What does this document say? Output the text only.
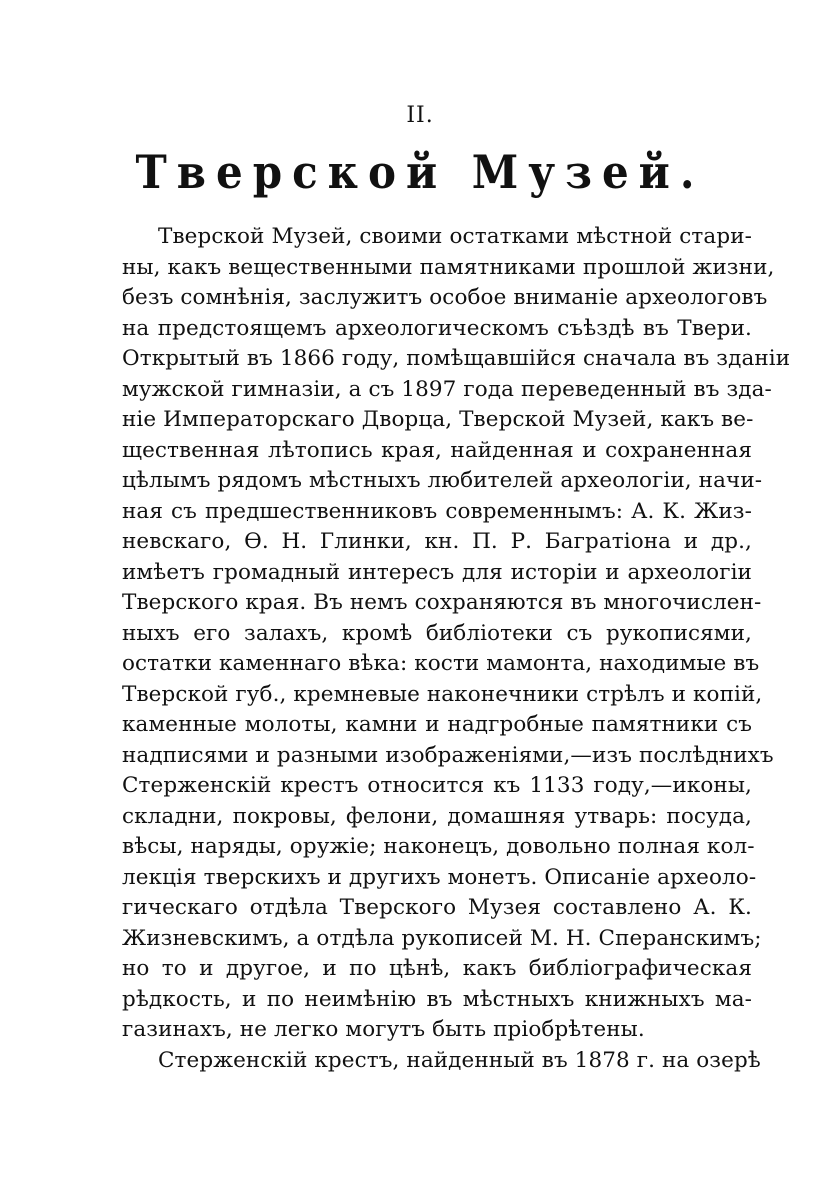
II.
Тверской Музей.
Тверской Музей, своими остатками мѣстной стари-
ны, какъ вещественными памятниками прошлой жизни,
безъ сомнѣнія, заслужитъ особое вниманіе археологовъ
на предстоящемъ археологическомъ съѣздѣ въ Твери.
Открытый въ 1866 году, помѣщавшійся сначала въ зданіи
мужской гимназіи, а съ 1897 года переведенный въ зда-
ніе Императорскаго Дворца, Тверской Музей, какъ ве-
щественная лѣтопись края, найденная и сохраненная
цѣлымъ рядомъ мѣстныхъ любителей археологіи, начи-
ная съ предшественниковъ современнымъ: А. К. Жиз-
невскаго, Ѳ. Н. Глинки, кн. П. Р. Багратіона и др.,
имѣетъ громадный интересъ для исторіи и археологіи
Тверского края. Въ немъ сохраняются въ многочислен-
ныхъ его залахъ, кромѣ библіотеки съ рукописями,
остатки каменнаго вѣка: кости мамонта, находимые въ
Тверской губ., кремневые наконечники стрѣлъ и копій,
каменные молоты, камни и надгробные памятники съ
надписями и разными изображеніями,—изъ послѣднихъ
Стерженскій крестъ относится къ 1133 году,—иконы,
складни, покровы, фелони, домашняя утварь: посуда,
вѣсы, наряды, оружіе; наконецъ, довольно полная кол-
лекція тверскихъ и другихъ монетъ. Описаніе археоло-
гическаго отдѣла Тверского Музея составлено А. К.
Жизневскимъ, а отдѣла рукописей М. Н. Сперанскимъ;
но то и другое, и по цѣнѣ, какъ библіографическая
рѣдкость, и по неимѣнію въ мѣстныхъ книжныхъ ма-
газинахъ, не легко могутъ быть пріобрѣтены.
Стерженскій крестъ, найденный въ 1878 г. на озерѣ
